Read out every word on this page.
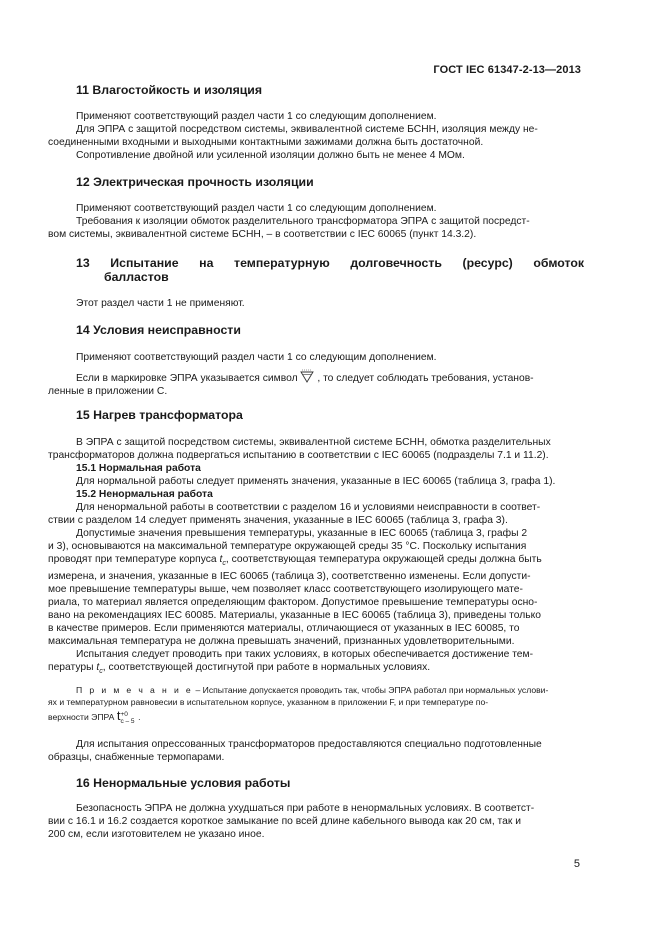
ГОСТ IEC 61347-2-13—2013
11 Влагостойкость и изоляция
Применяют соответствующий раздел части 1 со следующим дополнением.
Для ЭПРА с защитой посредством системы, эквивалентной системе БСНН, изоляция между не-
соединенными входными и выходными контактными зажимами должна быть достаточной.
Сопротивление двойной или усиленной изоляции должно быть не менее 4 МОм.
12 Электрическая прочность изоляции
Применяют соответствующий раздел части 1 со следующим дополнением.
Требования к изоляции обмоток разделительного трансформатора ЭПРА с защитой посредст-
вом системы, эквивалентной системе БСНН, – в соответствии с IEC 60065 (пункт 14.3.2).
13 Испытание на температурную долговечность (ресурс) обмоток
балластов
Этот раздел части 1 не применяют.
14 Условия неисправности
Применяют соответствующий раздел части 1 со следующим дополнением.
Если в маркировке ЭПРА указывается символ , то следует соблюдать требования, установ-
ленные в приложении С.
15 Нагрев трансформатора
В ЭПРА с защитой посредством системы, эквивалентной системе БСНН, обмотка разделительных
трансформаторов должна подвергаться испытанию в соответствии с IEC 60065 (подразделы 7.1 и 11.2).
15.1 Нормальная работа
Для нормальной работы следует применять значения, указанные в IEC 60065 (таблица 3, графа 1).
15.2 Ненормальная работа
Для ненормальной работы в соответствии с разделом 16 и условиями неисправности в соответ-
ствии с разделом 14 следует применять значения, указанные в IEC 60065 (таблица 3, графа 3).
Допустимые значения превышения температуры, указанные в IEC 60065 (таблица 3, графы 2
и 3), основываются на максимальной температуре окружающей среды 35 °С. Поскольку испытания
проводят при температуре корпуса $t_c$, соответствующая температура окружающей среды должна быть
измерена, и значения, указанные в IEC 60065 (таблица 3), соответственно изменены. Если допусти-
мое превышение температуры выше, чем позволяет класс соответствующего изолирующего мате-
риала, то материал является определяющим фактором. Допустимое превышение температуры осно-
вано на рекомендациях IEC 60085. Материалы, указанные в IEC 60065 (таблица 3), приведены только
в качестве примеров. Если применяются материалы, отличающиеся от указанных в IEC 60085, то
максимальная температура не должна превышать значений, признанных удовлетворительными.
Испытания следует проводить при таких условиях, в которых обеспечивается достижение тем-
пературы $t_c$, соответствующей достигнутой при работе в нормальных условиях.
П р и м е ч а н и е – Испытание допускается проводить так, чтобы ЭПРА работал при нормальных услови-
ях и температурном равновесии в испытательном корпусе, указанном в приложении F, и при температуре по-
верхности ЭПРА t +0
c – 5 .
Для испытания опрессованных трансформаторов предоставляются специально подготовленные
образцы, снабженные термопарами.
16 Ненормальные условия работы
Безопасность ЭПРА не должна ухудшаться при работе в ненормальных условиях. В соответст-
вии с 16.1 и 16.2 создается короткое замыкание по всей длине кабельного вывода как 20 см, так и
200 см, если изготовителем не указано иное.
5
